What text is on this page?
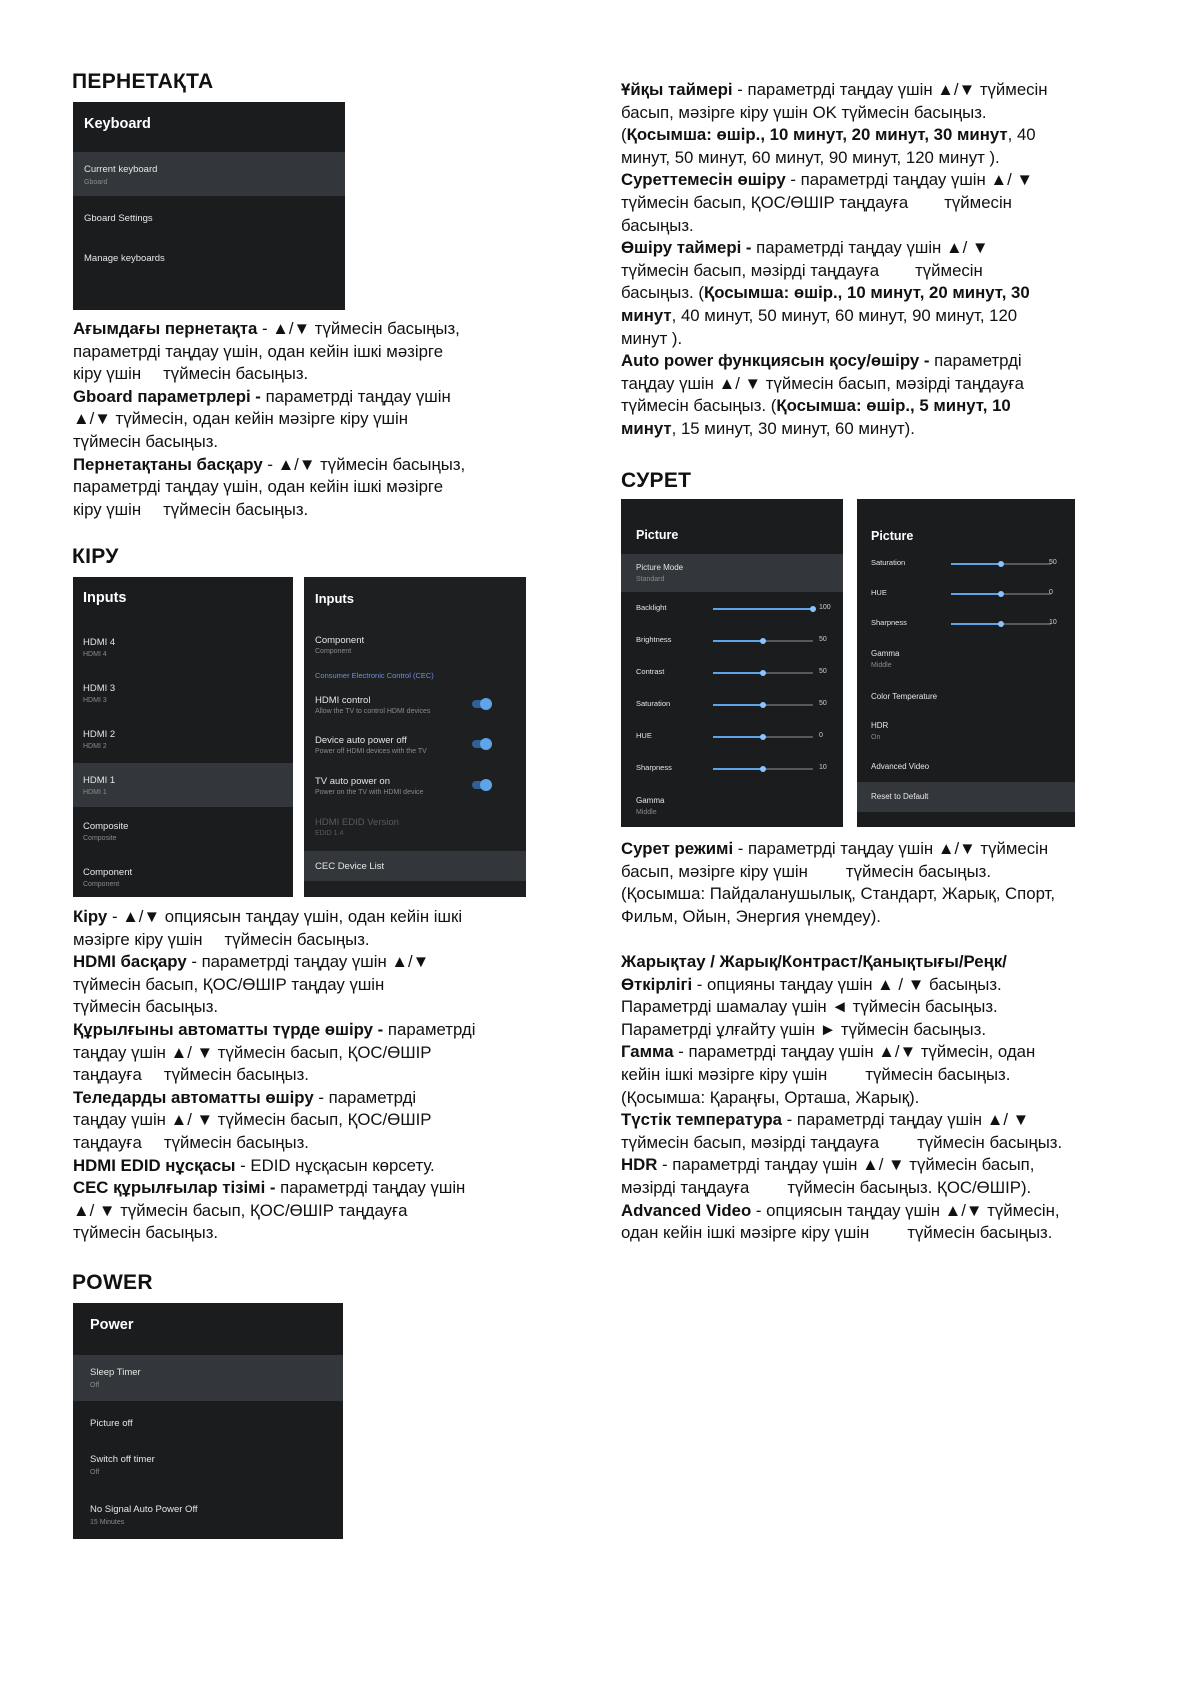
ПЕРНЕТАҚТА
Keyboard
Current keyboard
Gboard
Gboard Settings
Manage keyboards

Ағымдағы пернетақта - ▲/▼ түймесін басыңыз,

параметрді таңдау үшін, одан кейін ішкі мәзірге

кіру үшін түймесін басыңыз.

Gboard параметрлері - параметрді таңдау үшін

▲/▼ түймесін, одан кейін мәзірге кіру үшін

түймесін басыңыз.

Пернетақтаны басқару - ▲/▼ түймесін басыңыз,

параметрді таңдау үшін, одан кейін ішкі мәзірге

кіру үшін түймесін басыңыз.

КІРУ
Inputs
HDMI 4
HDMI 4
HDMI 3
HDMI 3
HDMI 2
HDMI 2
HDMI 1
HDMI 1
Composite
Composite
Component
Component
Inputs
Component
Component
Consumer Electronic Control (CEC)
HDMI control
Allow the TV to control HDMI devices
Device auto power off
Power off HDMI devices with the TV
TV auto power on
Power on the TV with HDMI device
HDMI EDID Version
EDID 1.4
CEC Device List

Кіру - ▲/▼ опциясын таңдау үшін, одан кейін ішкі

мәзірге кіру үшін түймесін басыңыз.

HDMI басқару - параметрді таңдау үшін ▲/▼

түймесін басып, ҚОС/ӨШІР таңдау үшін

түймесін басыңыз.

Құрылғыны автоматты түрде өшіру - параметрді

таңдау үшін ▲/ ▼ түймесін басып, ҚОС/ӨШІР

таңдауға түймесін басыңыз.

Теледарды автоматты өшіру - параметрді

таңдау үшін ▲/ ▼ түймесін басып, ҚОС/ӨШІР

таңдауға түймесін басыңыз.

HDMI EDID нұсқасы - EDID нұсқасын көрсету.

CEC құрылғылар тізімі - параметрді таңдау үшін

▲/ ▼ түймесін басып, ҚОС/ӨШІР таңдауға

түймесін басыңыз.

POWER
Power
Sleep Timer
Off
Picture off
Switch off timer
Off
No Signal Auto Power Off
15 Minutes

Ұйқы таймері - параметрді таңдау үшін ▲/▼ түймесін

басып, мәзірге кіру үшін OK түймесін басыңыз.

(Қосымша: өшір., 10 минут, 20 минут, 30 минут, 40

минут, 50 минут, 60 минут, 90 минут, 120 минут ).

Суреттемесін өшіру - параметрді таңдау үшін ▲/ ▼

түймесін басып, ҚОС/ӨШІР таңдауға түймесін

басыңыз.

Өшіру таймері - параметрді таңдау үшін ▲/ ▼

түймесін басып, мәзірді таңдауға түймесін

басыңыз. (Қосымша: өшір., 10 минут, 20 минут, 30

минут, 40 минут, 50 минут, 60 минут, 90 минут, 120

минут ).

Auto power функциясын қосу/өшіру - параметрді

таңдау үшін ▲/ ▼ түймесін басып, мәзірді таңдауға

түймесін басыңыз. (Қосымша: өшір., 5 минут, 10

минут, 15 минут, 30 минут, 60 минут).

СУРЕТ
Picture
Picture Mode
Standard
Backlight	100
Brightness	50
Contrast	50
Saturation	50
HUE	0
Sharpness	10
Gamma
Middle
Picture
Saturation	50
HUE	0
Sharpness	10
Gamma
Middle
Color Temperature
HDR
On
Advanced Video
Reset to Default

Сурет режимі - параметрді таңдау үшін ▲/▼ түймесін

басып, мәзірге кіру үшін түймесін басыңыз.

(Қосымша: Пайдаланушылық, Стандарт, Жарық, Спорт,

Фильм, Ойын, Энергия үнемдеу).

Жарықтау / Жарық/Контраст/Қанықтығы/Реңк/

Өткірлігі - опцияны таңдау үшін ▲ / ▼ басыңыз.

Параметрді шамалау үшін ◄ түймесін басыңыз.

Параметрді ұлғайту үшін ► түймесін басыңыз.

Гамма - параметрді таңдау үшін ▲/▼ түймесін, одан

кейін ішкі мәзірге кіру үшін түймесін басыңыз.

(Қосымша: Қараңғы, Орташа, Жарық).

Түстік температура - параметрді таңдау үшін ▲/ ▼

түймесін басып, мәзірді таңдауға түймесін басыңыз.

HDR - параметрді таңдау үшін ▲/ ▼ түймесін басып,

мәзірді таңдауға түймесін басыңыз. ҚОС/ӨШІР).

Advanced Video - опциясын таңдау үшін ▲/▼ түймесін,

одан кейін ішкі мәзірге кіру үшін түймесін басыңыз.
